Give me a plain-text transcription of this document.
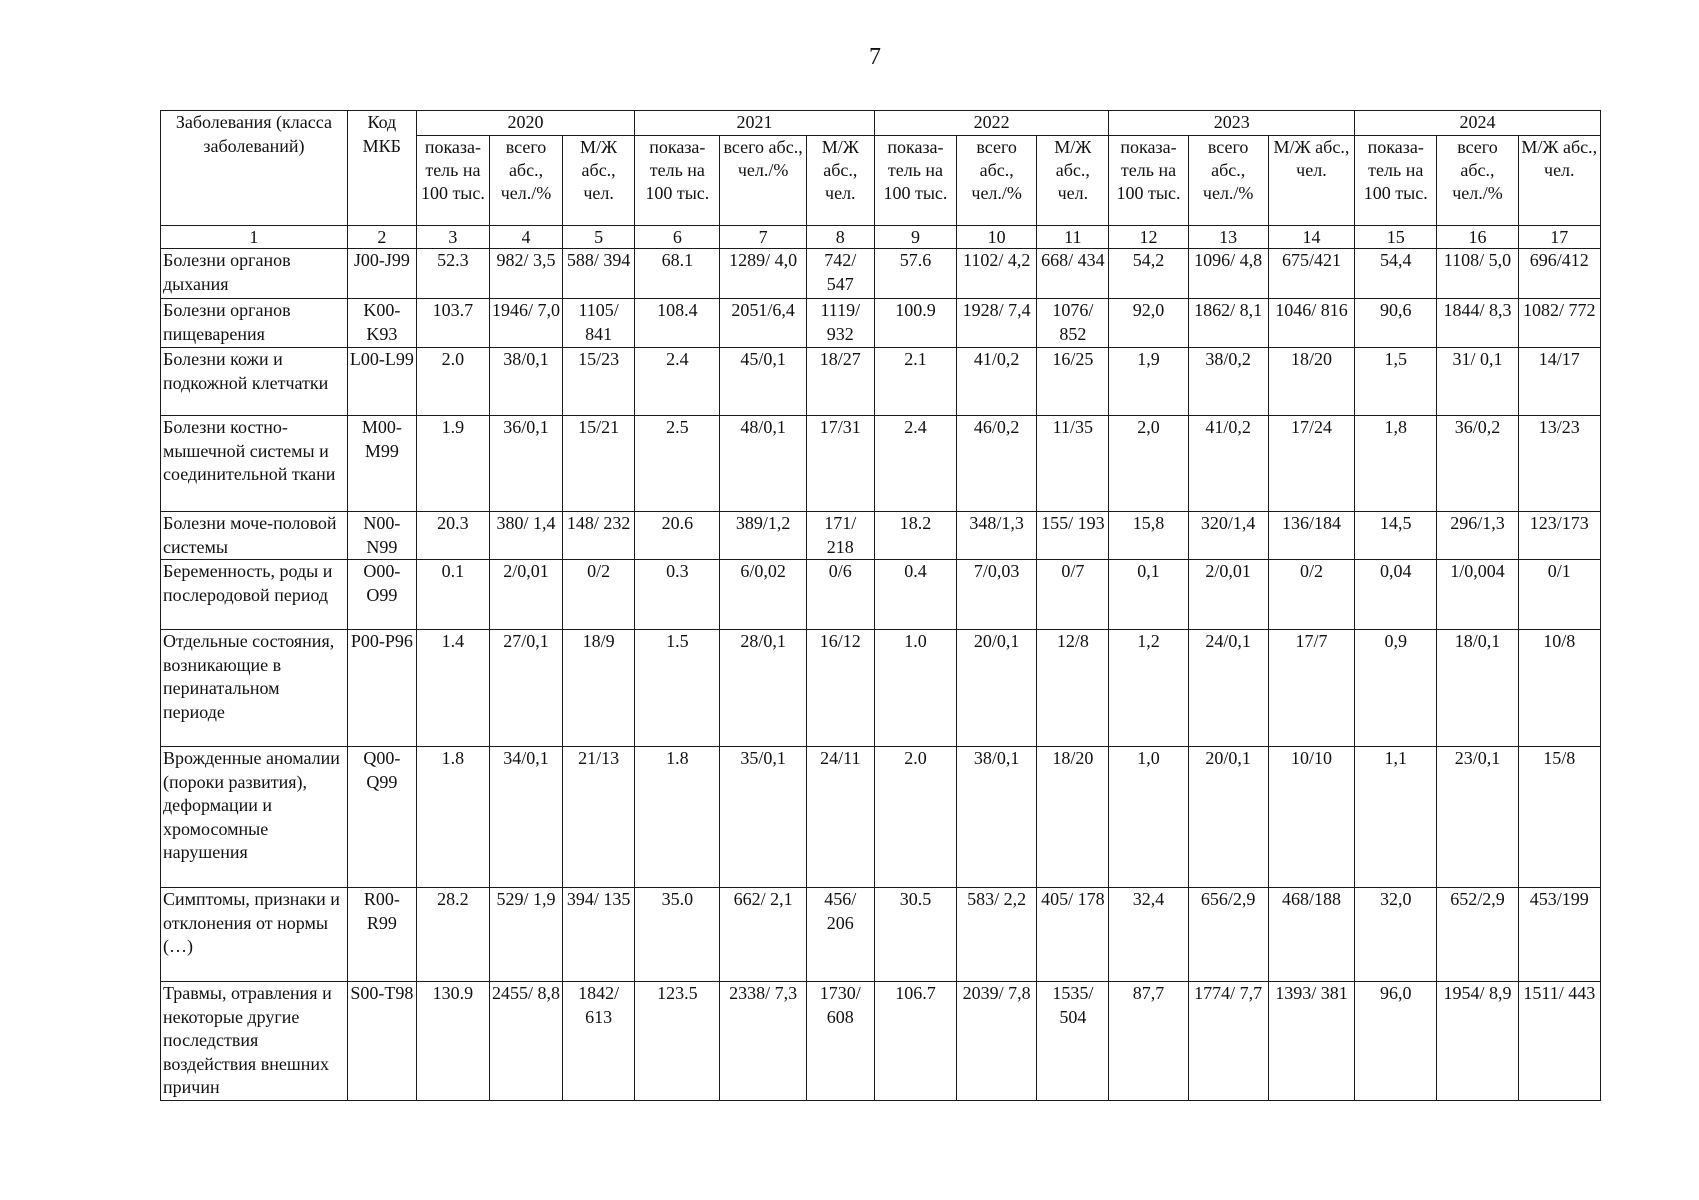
7
Заболевания (класса заболеваний)	Код МКБ	2020			2021			2022			2023			2024		
		показа-тель на 100 тыс.	всего абс., чел./%	М/Ж абс., чел.	показа-тель на 100 тыс.	всего абс., чел./%	М/Ж абс., чел.	показа-тель на 100 тыс.	всего абс., чел./%	М/Ж абс., чел.	показа-тель на 100 тыс.	всего абс., чел./%	М/Ж абс., чел.	показа-тель на 100 тыс.	всего абс., чел./%	М/Ж абс., чел.
1	2	3	4	5	6	7	8	9	10	11	12	13	14	15	16	17
Болезни органов дыхания	J00-J99	52.3	982/ 3,5	588/ 394	68.1	1289/ 4,0	742/ 547	57.6	1102/ 4,2	668/ 434	54,2	1096/ 4,8	675/421	54,4	1108/ 5,0	696/412
Болезни органов пищеварения	K00-K93	103.7	1946/ 7,0	1105/ 841	108.4	2051/6,4	1119/ 932	100.9	1928/ 7,4	1076/ 852	92,0	1862/ 8,1	1046/ 816	90,6	1844/ 8,3	1082/ 772
Болезни кожи и подкожной клетчатки	L00-L99	2.0	38/0,1	15/23	2.4	45/0,1	18/27	2.1	41/0,2	16/25	1,9	38/0,2	18/20	1,5	31/ 0,1	14/17
Болезни костно-мышечной системы и соединительной ткани	M00-M99	1.9	36/0,1	15/21	2.5	48/0,1	17/31	2.4	46/0,2	11/35	2,0	41/0,2	17/24	1,8	36/0,2	13/23
Болезни моче-половой системы	N00-N99	20.3	380/ 1,4	148/ 232	20.6	389/1,2	171/ 218	18.2	348/1,3	155/ 193	15,8	320/1,4	136/184	14,5	296/1,3	123/173
Беременность, роды и послеродовой период	O00-O99	0.1	2/0,01	0/2	0.3	6/0,02	0/6	0.4	7/0,03	0/7	0,1	2/0,01	0/2	0,04	1/0,004	0/1
Отдельные состояния, возникающие в перинатальном периоде	P00-P96	1.4	27/0,1	18/9	1.5	28/0,1	16/12	1.0	20/0,1	12/8	1,2	24/0,1	17/7	0,9	18/0,1	10/8
Врожденные аномалии (пороки развития), деформации и хромосомные нарушения	Q00-Q99	1.8	34/0,1	21/13	1.8	35/0,1	24/11	2.0	38/0,1	18/20	1,0	20/0,1	10/10	1,1	23/0,1	15/8
Симптомы, признаки и отклонения от нормы (…)	R00-R99	28.2	529/ 1,9	394/ 135	35.0	662/ 2,1	456/ 206	30.5	583/ 2,2	405/ 178	32,4	656/2,9	468/188	32,0	652/2,9	453/199
Травмы, отравления и некоторые другие последствия воздействия внешних причин	S00-T98	130.9	2455/ 8,8	1842/ 613	123.5	2338/ 7,3	1730/ 608	106.7	2039/ 7,8	1535/ 504	87,7	1774/ 7,7	1393/ 381	96,0	1954/ 8,9	1511/ 443
